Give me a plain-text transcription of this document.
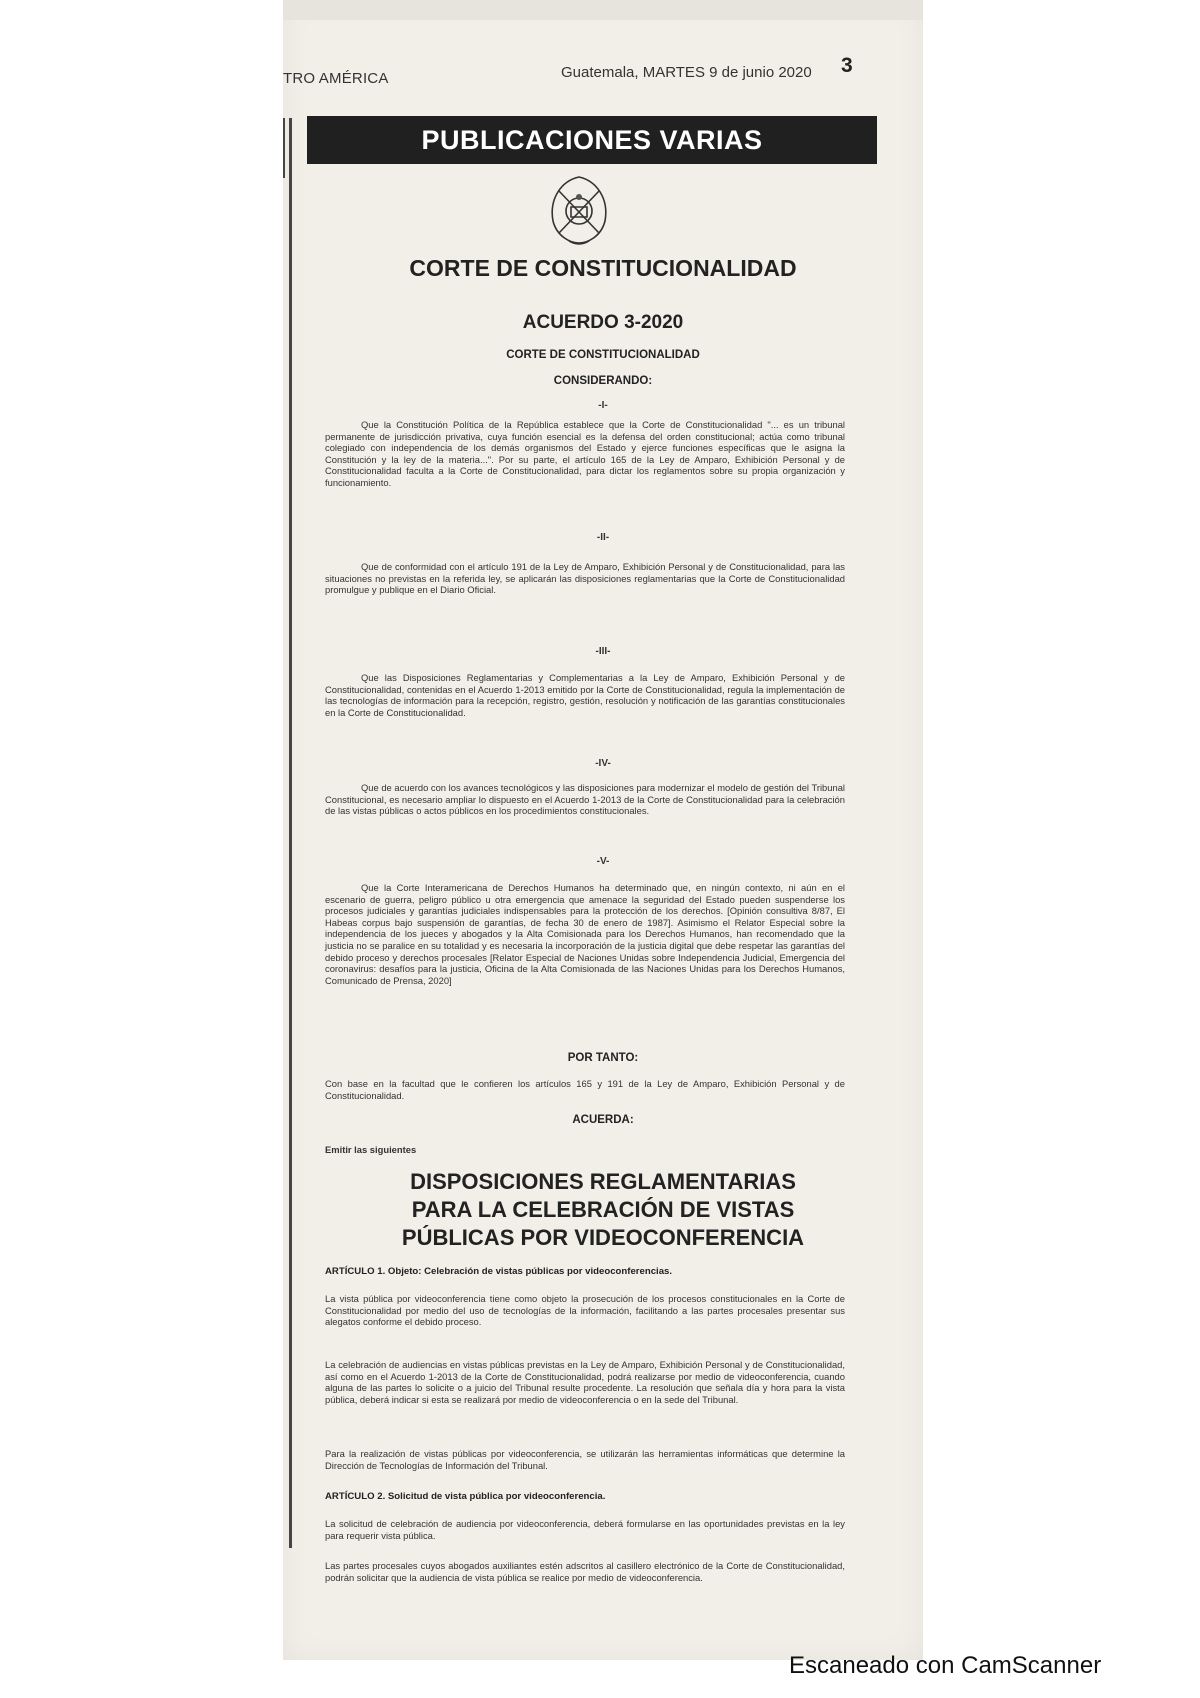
TRO AMÉRICA	Guatemala, MARTES 9 de junio 2020 3
PUBLICACIONES VARIAS
CORTE DE CONSTITUCIONALIDAD
ACUERDO 3-2020
CORTE DE CONSTITUCIONALIDAD
CONSIDERANDO:
-I-

Que la Constitución Política de la República establece que la Corte de Constitucionalidad "... es un tribunal permanente de jurisdicción privativa, cuya función esencial es la defensa del orden constitucional; actúa como tribunal colegiado con independencia de los demás organismos del Estado y ejerce funciones específicas que le asigna la Constitución y la ley de la materia...". Por su parte, el artículo 165 de la Ley de Amparo, Exhibición Personal y de Constitucionalidad faculta a la Corte de Constitucionalidad, para dictar los reglamentos sobre su propia organización y funcionamiento.

-II-

Que de conformidad con el artículo 191 de la Ley de Amparo, Exhibición Personal y de Constitucionalidad, para las situaciones no previstas en la referida ley, se aplicarán las disposiciones reglamentarias que la Corte de Constitucionalidad promulgue y publique en el Diario Oficial.

-III-

Que las Disposiciones Reglamentarias y Complementarias a la Ley de Amparo, Exhibición Personal y de Constitucionalidad, contenidas en el Acuerdo 1-2013 emitido por la Corte de Constitucionalidad, regula la implementación de las tecnologías de información para la recepción, registro, gestión, resolución y notificación de las garantías constitucionales en la Corte de Constitucionalidad.

-IV-

Que de acuerdo con los avances tecnológicos y las disposiciones para modernizar el modelo de gestión del Tribunal Constitucional, es necesario ampliar lo dispuesto en el Acuerdo 1-2013 de la Corte de Constitucionalidad para la celebración de las vistas públicas o actos públicos en los procedimientos constitucionales.

-V-

Que la Corte Interamericana de Derechos Humanos ha determinado que, en ningún contexto, ni aún en el escenario de guerra, peligro público u otra emergencia que amenace la seguridad del Estado pueden suspenderse los procesos judiciales y garantías judiciales indispensables para la protección de los derechos. [Opinión consultiva 8/87, El Habeas corpus bajo suspensión de garantías, de fecha 30 de enero de 1987]. Asimismo el Relator Especial sobre la independencia de los jueces y abogados y la Alta Comisionada para los Derechos Humanos, han recomendado que la justicia no se paralice en su totalidad y es necesaria la incorporación de la justicia digital que debe respetar las garantías del debido proceso y derechos procesales [Relator Especial de Naciones Unidas sobre Independencia Judicial, Emergencia del coronavirus: desafíos para la justicia, Oficina de la Alta Comisionada de las Naciones Unidas para los Derechos Humanos, Comunicado de Prensa, 2020]

POR TANTO:

Con base en la facultad que le confieren los artículos 165 y 191 de la Ley de Amparo, Exhibición Personal y de Constitucionalidad.

ACUERDA:
Emitir las siguientes
DISPOSICIONES REGLAMENTARIAS
PARA LA CELEBRACIÓN DE VISTAS
PÚBLICAS POR VIDEOCONFERENCIA
ARTÍCULO 1. Objeto: Celebración de vistas públicas por videoconferencias.

La vista pública por videoconferencia tiene como objeto la prosecución de los procesos constitucionales en la Corte de Constitucionalidad por medio del uso de tecnologías de la información, facilitando a las partes procesales presentar sus alegatos conforme el debido proceso.

La celebración de audiencias en vistas públicas previstas en la Ley de Amparo, Exhibición Personal y de Constitucionalidad, así como en el Acuerdo 1-2013 de la Corte de Constitucionalidad, podrá realizarse por medio de videoconferencia, cuando alguna de las partes lo solicite o a juicio del Tribunal resulte procedente. La resolución que señala día y hora para la vista pública, deberá indicar si esta se realizará por medio de videoconferencia o en la sede del Tribunal.

Para la realización de vistas públicas por videoconferencia, se utilizarán las herramientas informáticas que determine la Dirección de Tecnologías de Información del Tribunal.

ARTÍCULO 2. Solicitud de vista pública por videoconferencia.

La solicitud de celebración de audiencia por videoconferencia, deberá formularse en las oportunidades previstas en la ley para requerir vista pública.

Las partes procesales cuyos abogados auxiliantes estén adscritos al casillero electrónico de la Corte de Constitucionalidad, podrán solicitar que la audiencia de vista pública se realice por medio de videoconferencia.

Escaneado con CamScanner
